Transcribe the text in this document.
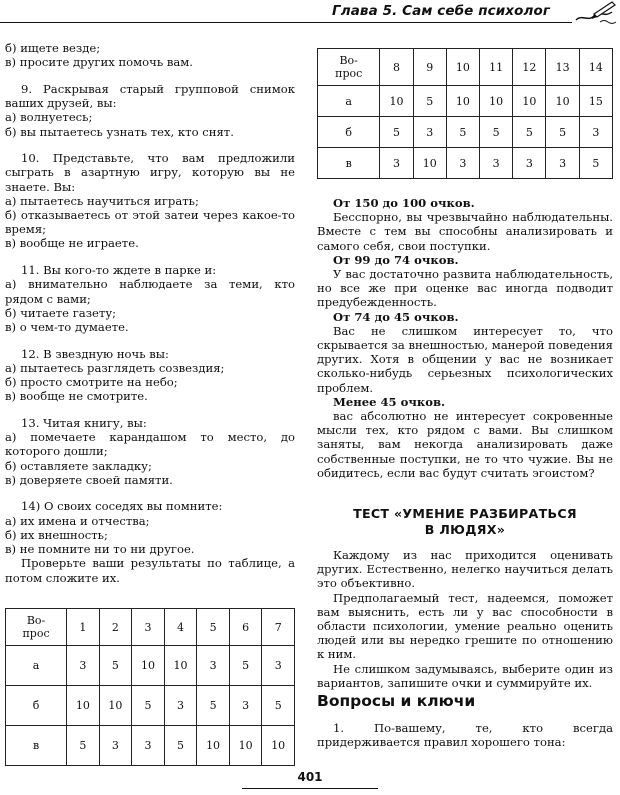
Глава 5. Сам себе психолог

б) ищете везде;

в) просите других помочь вам.

9. Раскрывая старый групповой снимок ваших друзей, вы:

а) волнуетесь;

б) вы пытаетесь узнать тех, кто снят.

10. Представьте, что вам предложили сыграть в азартную игру, которую вы не знаете. Вы:

а) пытаетесь научиться играть;

б) отказываетесь от этой затеи через какое-то время;

в) вообще не играете.

11. Вы кого-то ждете в парке и:

а) внимательно наблюдаете за теми, кто рядом с вами;

б) читаете газету;

в) о чем-то думаете.

12. В звездную ночь вы:

а) пытаетесь разглядеть созвездия;

б) просто смотрите на небо;

в) вообще не смотрите.

13. Читая книгу, вы:

а) помечаете карандашом то место, до которого дошли;

б) оставляете закладку;

в) доверяете своей памяти.

14) О своих соседях вы помните:

а) их имена и отчества;

б) их внешность;

в) не помните ни то ни другое.

Проверьте ваши результаты по таблице, а потом сложите их.

Во-
прос	1	2	3	4	5	6	7
а	3	5	10	10	3	5	3
б	10	10	5	3	5	3	5
в	5	3	3	5	10	10	10
Во-
прос	8	9	10	11	12	13	14
а	10	5	10	10	10	10	15
б	5	3	5	5	5	5	3
в	3	10	3	3	3	3	5

От 150 до 100 очков.

Бесспорно, вы чрезвычайно наблюдательны. Вместе с тем вы способны анализировать и самого себя, свои поступки.

От 99 до 74 очков.

У вас достаточно развита наблюдательность, но все же при оценке вас иногда подводит предубежденность.

От 74 до 45 очков.

Вас не слишком интересует то, что скрывается за внешностью, манерой поведения других. Хотя в общении у вас не возникает сколько-нибудь серьезных психологических проблем.

Менее 45 очков.

вас абсолютно не интересует сокровенные мысли тех, кто рядом с вами. Вы слишком заняты, вам некогда анализировать даже собственные поступки, не то что чужие. Вы не обидитесь, если вас будут считать эгоистом?

ТЕСТ «УМЕНИЕ РАЗБИРАТЬСЯ
В ЛЮДЯХ»

Каждому из нас приходится оценивать других. Естественно, нелегко научиться делать это объективно.

Предполагаемый тест, надеемся, поможет вам выяснить, есть ли у вас способности в области психологии, умение реально оценить людей или вы нередко грешите по отношению к ним.

Не слишком задумываясь, выберите один из вариантов, запишите очки и суммируйте их.

Вопросы и ключи

1. По-вашему, те, кто всегда придерживается правил хорошего тона:

401
